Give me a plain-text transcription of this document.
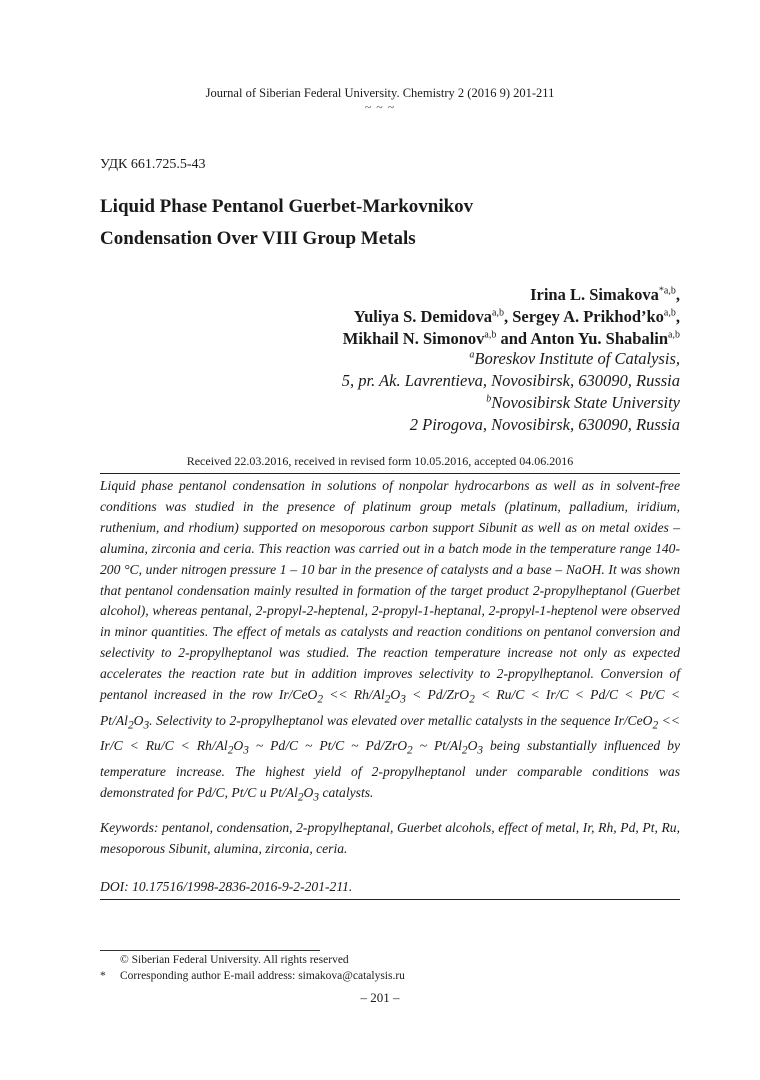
Journal of Siberian Federal University. Chemistry 2 (2016 9) 201-211
~ ~ ~
УДК 661.725.5-43
Liquid Phase Pentanol Guerbet-Markovnikov
Condensation Over VIII Group Metals
Irina L. Simakova$^{*a,b}$,
Yuliya S. Demidova$^{a,b}$, Sergey A. Prikhod’ko$^{a,b}$,
Mikhail N. Simonov$^{a,b}$ and Anton Yu. Shabalin$^{a,b}$
$^a$Boreskov Institute of Catalysis,
5, pr. Ak. Lavrentieva, Novosibirsk, 630090, Russia
$^b$Novosibirsk State University
2 Pirogova, Novosibirsk, 630090, Russia
Received 22.03.2016, received in revised form 10.05.2016, accepted 04.06.2016
Liquid phase pentanol condensation in solutions of nonpolar hydrocarbons as well as in solvent-free conditions was studied in the presence of platinum group metals (platinum, palladium, iridium, ruthenium, and rhodium) supported on mesoporous carbon support Sibunit as well as on metal oxides – alumina, zirconia and ceria. This reaction was carried out in a batch mode in the temperature range 140-200 °C, under nitrogen pressure 1 – 10 bar in the presence of catalysts and a base – NaOH. It was shown that pentanol condensation mainly resulted in formation of the target product 2-propylheptanol (Guerbet alcohol), whereas pentanal, 2-propyl-2-heptenal, 2-propyl-1-heptanal, 2-propyl-1-heptenol were observed in minor quantities. The effect of metals as catalysts and reaction conditions on pentanol conversion and selectivity to 2-propylheptanol was studied. The reaction temperature increase not only as expected accelerates the reaction rate but in addition improves selectivity to 2-propylheptanol. Conversion of pentanol increased in the row $Ir/CeO_2 << Rh/Al_2O_3 < Pd/ZrO_2 < Ru/C < Ir/C < Pd/C < Pt/C < Pt/Al_2O_3$. Selectivity to 2-propylheptanol was elevated over metallic catalysts in the sequence $Ir/CeO_2 << Ir/C < Ru/C < Rh/Al_2O_3$ ~ Pd/C ~ Pt/C ~ Pd/ZrO$_2$ ~ $Pt/Al_2O_3$ being substantially influenced by temperature increase. The highest yield of 2-propylheptanol under comparable conditions was demonstrated for Pd/C, Pt/C и $Pt/Al_2O_3$ catalysts.
Keywords: pentanol, condensation, 2-propylheptanal, Guerbet alcohols, effect of metal, Ir, Rh, Pd, Pt, Ru, mesoporous Sibunit, alumina, zirconia, ceria.
DOI: 10.17516/1998-2836-2016-9-2-201-211.
© Siberian Federal University. All rights reserved
*	Corresponding author E-mail address: simakova@catalysis.ru
– 201 –
